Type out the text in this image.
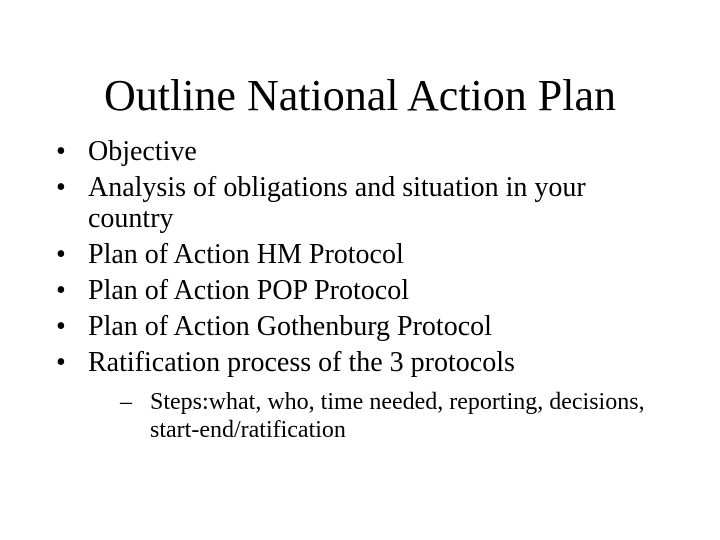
Outline National Action Plan
• Objective
• Analysis of obligations and situation in your country
• Plan of Action HM Protocol
• Plan of Action POP Protocol
• Plan of Action Gothenburg Protocol
• Ratification process of the 3 protocols
– Steps:what, who, time needed, reporting, decisions, start-end/ratification
